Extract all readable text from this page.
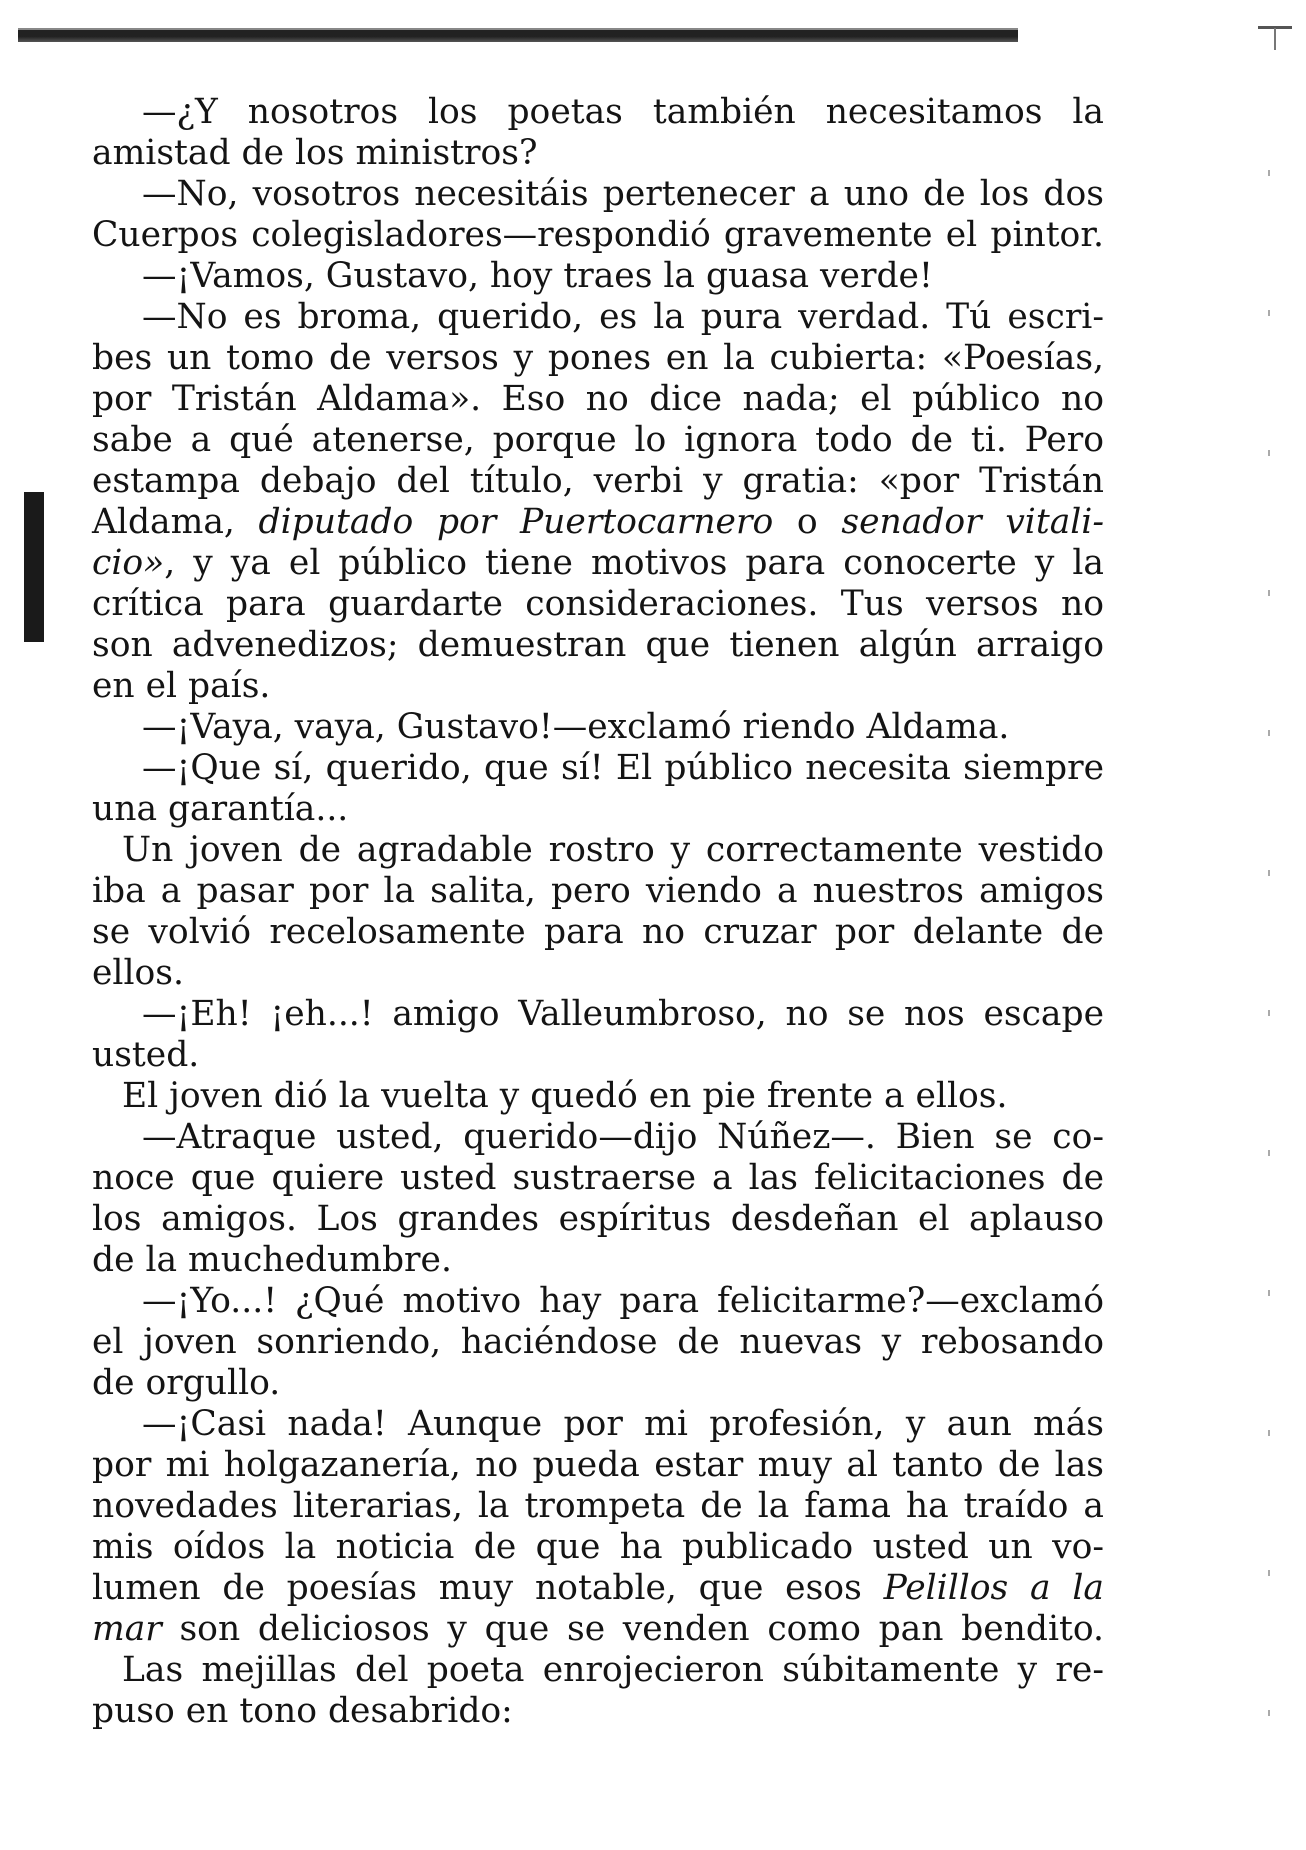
—¿Y nosotros los poetas también necesitamos la
amistad de los ministros?
—No, vosotros necesitáis pertenecer a uno de los dos
Cuerpos colegisladores—respondió gravemente el pintor.
—¡Vamos, Gustavo, hoy traes la guasa verde!
—No es broma, querido, es la pura verdad. Tú escri-
bes un tomo de versos y pones en la cubierta: «Poesías,
por Tristán Aldama». Eso no dice nada; el público no
sabe a qué atenerse, porque lo ignora todo de ti. Pero
estampa debajo del título, verbi y gratia: «por Tristán
Aldama, diputado por Puertocarnero o senador vitali-
cio», y ya el público tiene motivos para conocerte y la
crítica para guardarte consideraciones. Tus versos no
son advenedizos; demuestran que tienen algún arraigo
en el país.
—¡Vaya, vaya, Gustavo!—exclamó riendo Aldama.
—¡Que sí, querido, que sí! El público necesita siempre
una garantía...
Un joven de agradable rostro y correctamente vestido
iba a pasar por la salita, pero viendo a nuestros amigos
se volvió recelosamente para no cruzar por delante de
ellos.
—¡Eh! ¡eh...! amigo Valleumbroso, no se nos escape
usted.
El joven dió la vuelta y quedó en pie frente a ellos.
—Atraque usted, querido—dijo Núñez—. Bien se co-
noce que quiere usted sustraerse a las felicitaciones de
los amigos. Los grandes espíritus desdeñan el aplauso
de la muchedumbre.
—¡Yo...! ¿Qué motivo hay para felicitarme?—exclamó
el joven sonriendo, haciéndose de nuevas y rebosando
de orgullo.
—¡Casi nada! Aunque por mi profesión, y aun más
por mi holgazanería, no pueda estar muy al tanto de las
novedades literarias, la trompeta de la fama ha traído a
mis oídos la noticia de que ha publicado usted un vo-
lumen de poesías muy notable, que esos Pelillos a la
mar son deliciosos y que se venden como pan bendito.
Las mejillas del poeta enrojecieron súbitamente y re-
puso en tono desabrido:
